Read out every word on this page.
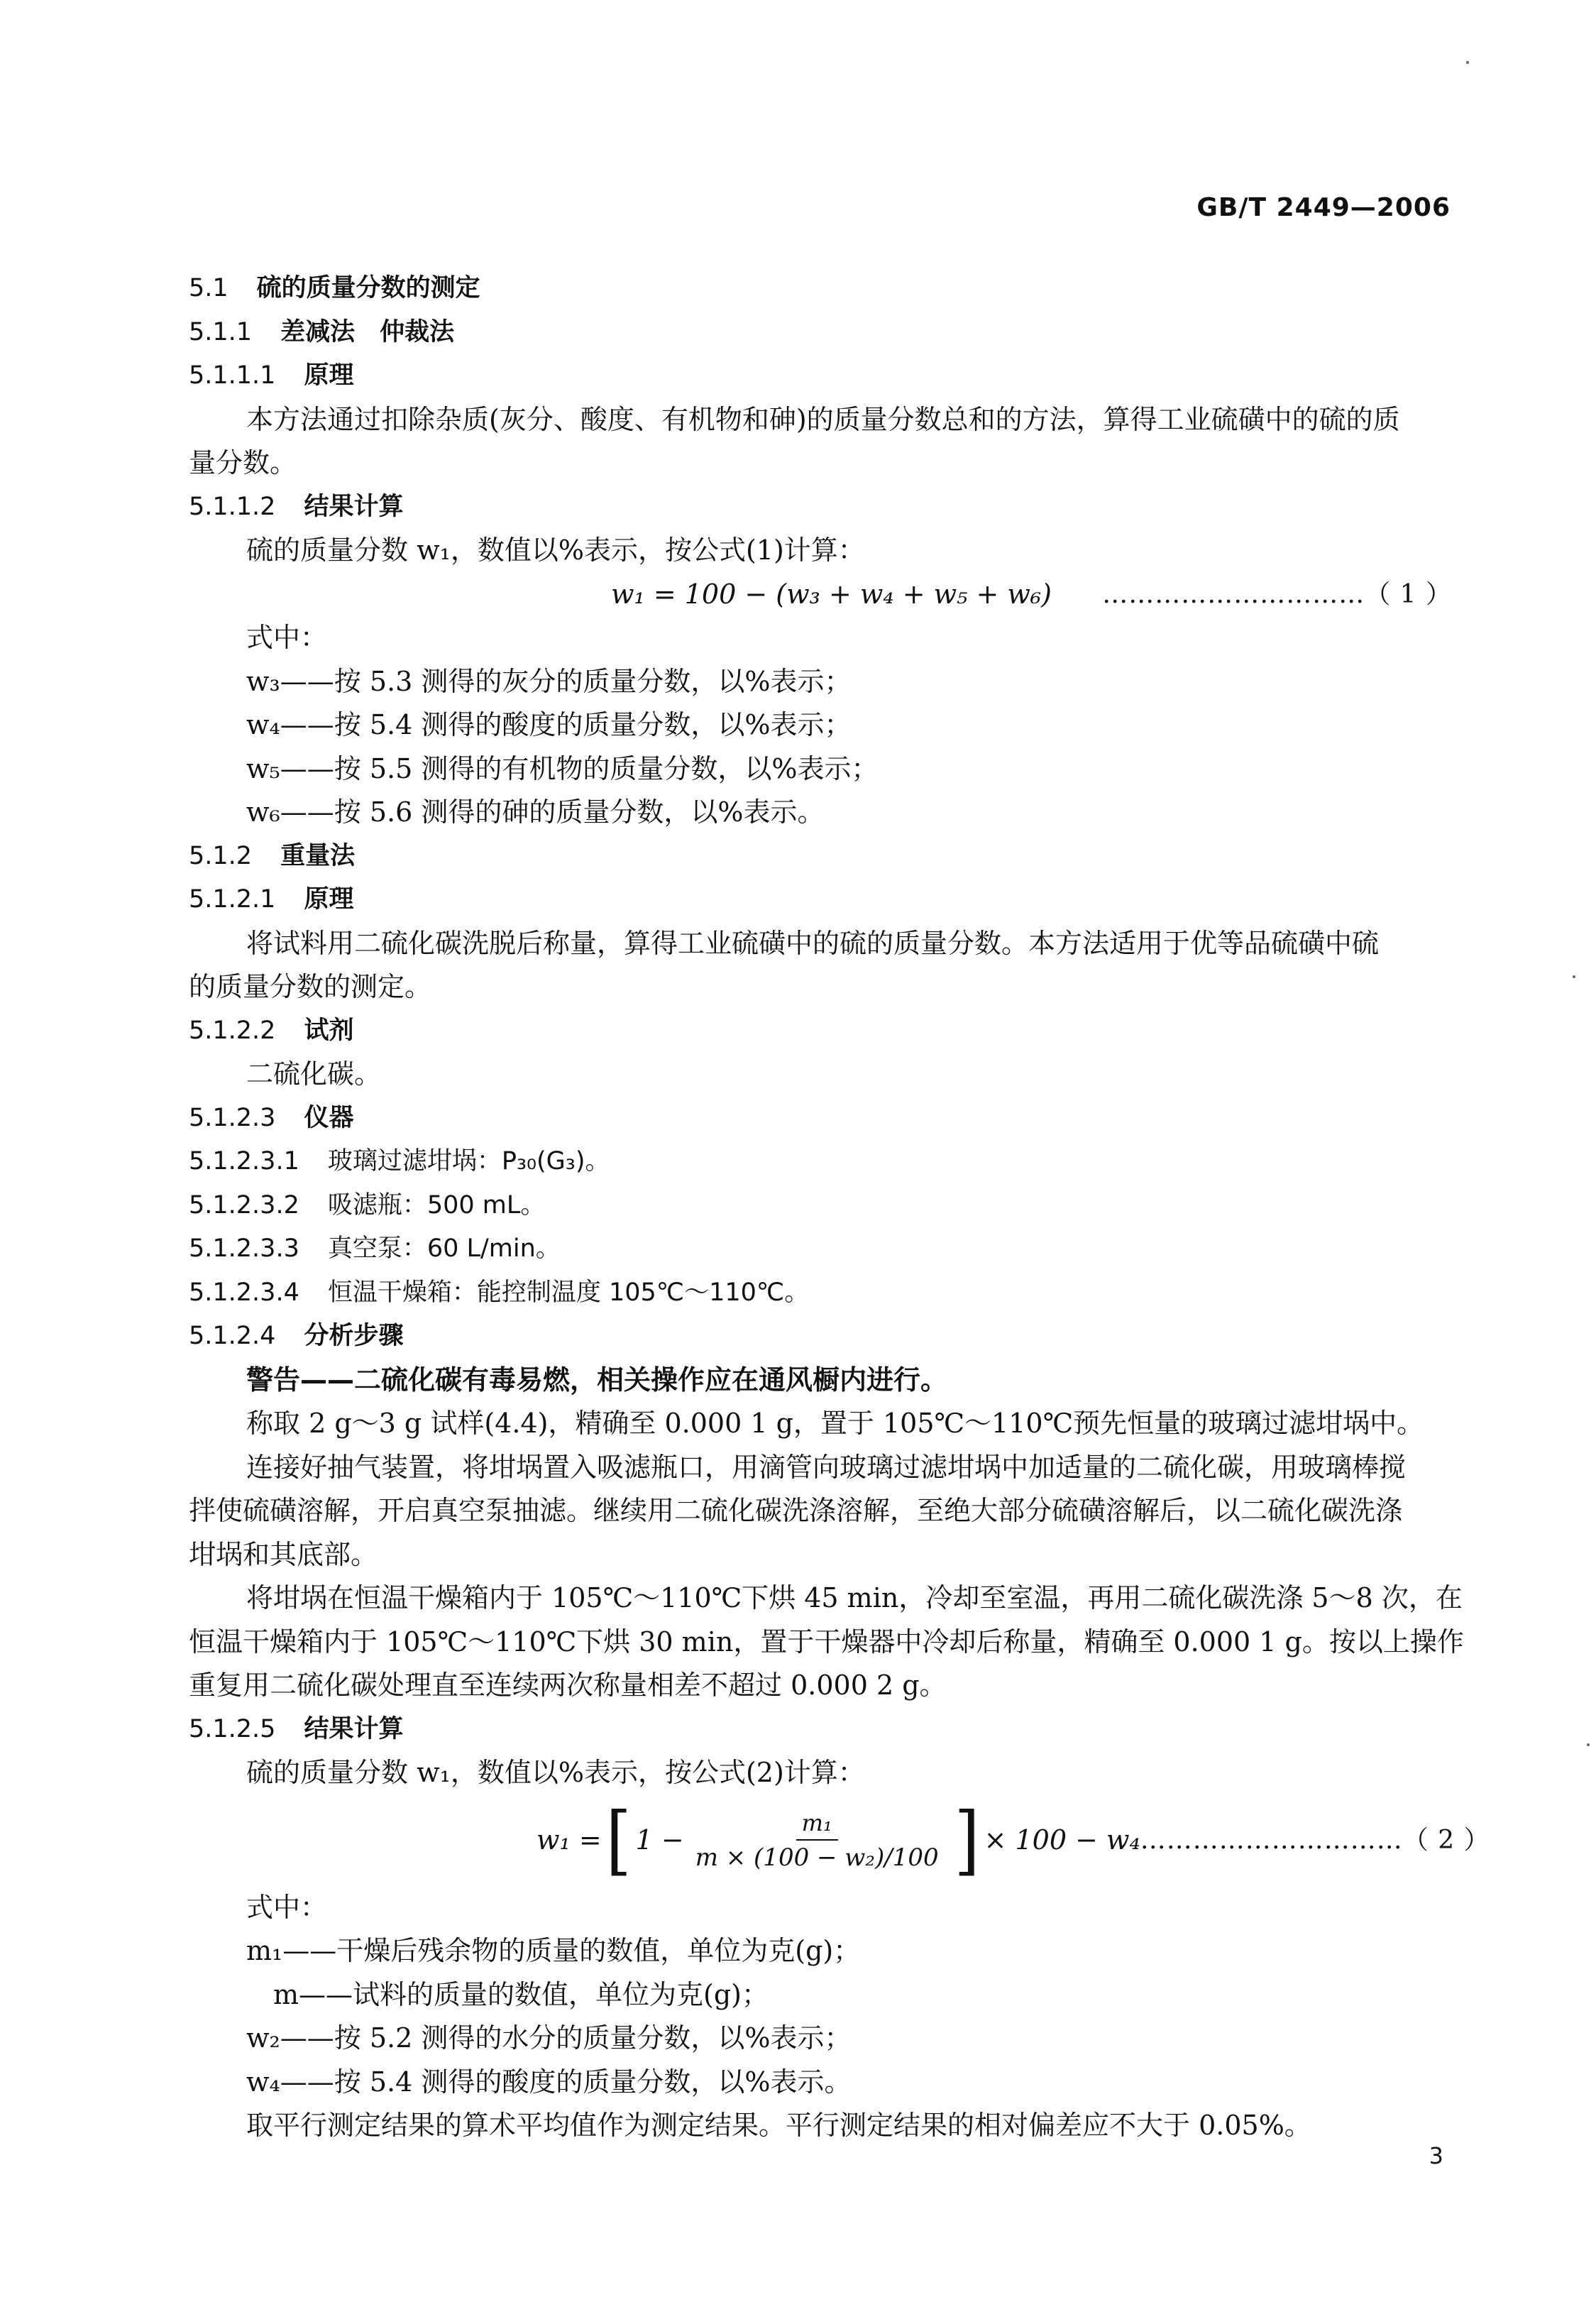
GB/T 2449—2006
5.1 硫的质量分数的测定
5.1.1 差减法　仲裁法
5.1.1.1 原理
本方法通过扣除杂质(灰分、酸度、有机物和砷)的质量分数总和的方法，算得工业硫磺中的硫的质
量分数。
5.1.1.2 结果计算
硫的质量分数 w₁，数值以%表示，按公式(1)计算：
w₁ = 100 − (w₃ + w₄ + w₅ + w₆) …………………………（ 1 ）
式中：
w₃——按 5.3 测得的灰分的质量分数，以%表示；
w₄——按 5.4 测得的酸度的质量分数，以%表示；
w₅——按 5.5 测得的有机物的质量分数，以%表示；
w₆——按 5.6 测得的砷的质量分数，以%表示。
5.1.2 重量法
5.1.2.1 原理
将试料用二硫化碳洗脱后称量，算得工业硫磺中的硫的质量分数。本方法适用于优等品硫磺中硫
的质量分数的测定。
5.1.2.2 试剂
二硫化碳。
5.1.2.3 仪器
5.1.2.3.1 玻璃过滤坩埚：P₃₀(G₃)。
5.1.2.3.2 吸滤瓶：500 mL。
5.1.2.3.3 真空泵：60 L/min。
5.1.2.3.4 恒温干燥箱：能控制温度 105℃～110℃。
5.1.2.4 分析步骤
警告——二硫化碳有毒易燃，相关操作应在通风橱内进行。
称取 2 g～3 g 试样(4.4)，精确至 0.000 1 g，置于 105℃～110℃预先恒量的玻璃过滤坩埚中。
连接好抽气装置，将坩埚置入吸滤瓶口，用滴管向玻璃过滤坩埚中加适量的二硫化碳，用玻璃棒搅
拌使硫磺溶解，开启真空泵抽滤。继续用二硫化碳洗涤溶解，至绝大部分硫磺溶解后，以二硫化碳洗涤
坩埚和其底部。
将坩埚在恒温干燥箱内于 105℃～110℃下烘 45 min，冷却至室温，再用二硫化碳洗涤 5～8 次，在
恒温干燥箱内于 105℃～110℃下烘 30 min，置于干燥器中冷却后称量，精确至 0.000 1 g。按以上操作
重复用二硫化碳处理直至连续两次称量相差不超过 0.000 2 g。
5.1.2.5 结果计算
硫的质量分数 w₁，数值以%表示，按公式(2)计算：
w₁ = [ $1 - \frac{\text{m₁}}{\text{m × (100 − w₂)/100}}$ ] × 100 − w₄ …………………………（ 2 ）
式中：
m₁——干燥后残余物的质量的数值，单位为克(g)；
　m——试料的质量的数值，单位为克(g)；
w₂——按 5.2 测得的水分的质量分数，以%表示；
w₄——按 5.4 测得的酸度的质量分数，以%表示。
取平行测定结果的算术平均值作为测定结果。平行测定结果的相对偏差应不大于 0.05%。
3
